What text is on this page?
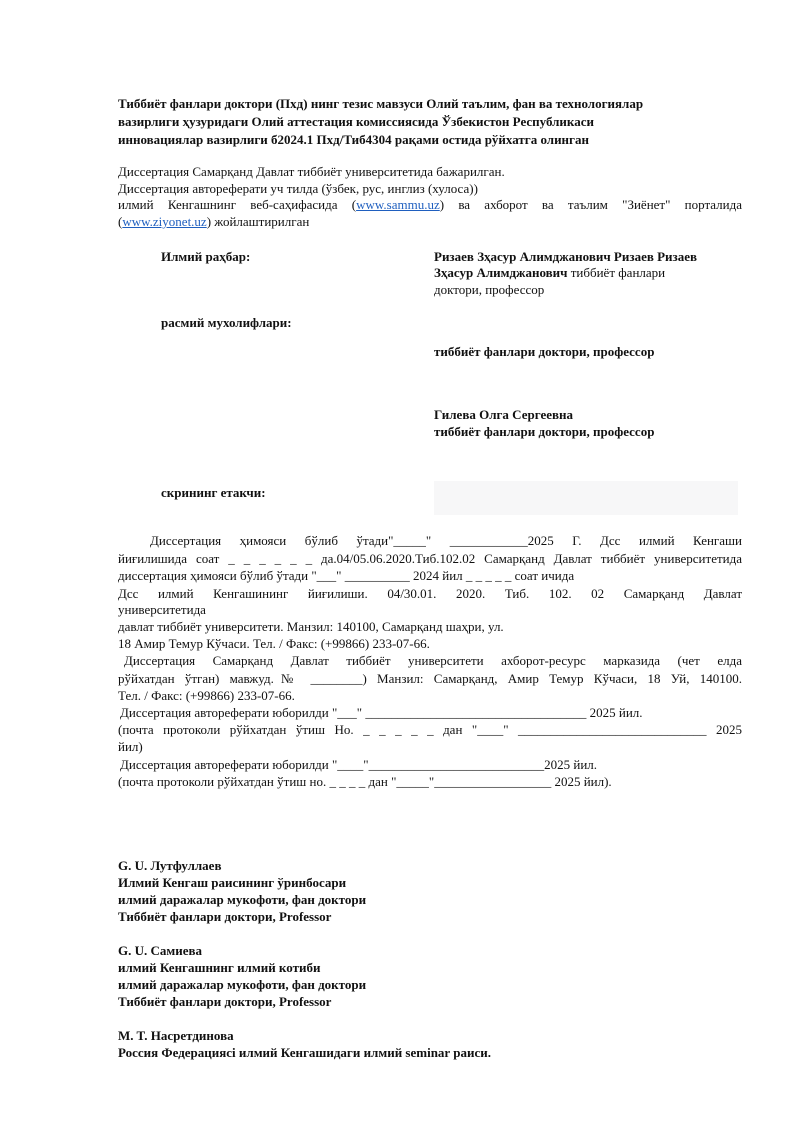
Тиббиёт фанлари доктори (Пхд) нинг тезис мавзуси Олий таълим, фан ва технологиялар
вазирлиги ҳузуридаги Олий аттестация комиссиясида Ўзбекистон Республикаси
инновациялар вазирлиги б2024.1 Пхд/Тиб4304 рақами остида рўйхатга олинган
Диссертация Самарқанд Давлат тиббиёт университетида бажарилган.
Диссертация автореферати уч тилда (ўзбек, рус, инглиз (хулоса))
илмий Кенгашнинг веб-саҳифасида (www.sammu.uz) ва ахборот ва таълим "Зиёнет" порталида
(www.ziyonet.uz) жойлаштирилган
Илмий раҳбар:	Ризаев Зҳасур Алимджанович Ризаев Ризаев
Зҳасур Алимджанович тиббиёт фанлари
доктори, профессор
расмий мухолифлари:
тиббиёт фанлари доктори, профессор
Гилева Олга Сергеевна
тиббиёт фанлари доктори, профессор
скрининг етакчи:
Диссертация ҳимояси бўлиб ўтади"_____" ____________2025 Г. Дсс илмий Кенгаши
йиғилишида соат _ _ _ _ _ _ да.04/05.06.2020.Тиб.102.02 Самарқанд Давлат тиббиёт университетида
диссертация ҳимояси бўлиб ўтади "___" __________ 2024 йил _ _ _ _ _ соат ичида
Дсс илмий Кенгашининг йиғилиши. 04/30.01. 2020. Тиб. 102. 02 Самарқанд Давлат
университетида
давлат тиббиёт университети. Манзил: 140100, Самарқанд шаҳри, ул.
18 Амир Темур Кўчаси. Тел. / Факс: (+99866) 233-07-66.
Диссертация Самарқанд Давлат тиббиёт университети ахборот-ресурс марказида (чет елда
рўйхатдан ўтган) мавжуд.№ ________) Манзил: Самарқанд, Амир Темур Кўчаси, 18 Уй, 140100.
Тел. / Факс: (+99866) 233-07-66.
Диссертация автореферати юборилди "___" __________________________________ 2025 йил.
(почта протоколи рўйхатдан ўтиш Но. _ _ _ _ _ дан "____" _____________________________ 2025
йил)
Диссертация автореферати юборилди "____"___________________________2025 йил.
(почта протоколи рўйхатдан ўтиш но. _ _ _ _ дан "_____"__________________ 2025 йил).
G. U. Лутфуллаев
Илмий Кенгаш раисининг ўринбосари
илмий даражалар мукофоти, фан доктори
Тиббиёт фанлари доктори, Professor
G. U. Самиева
илмий Кенгашнинг илмий котиби
илмий даражалар мукофоти, фан доктори
Тиббиёт фанлари доктори, Professor
M. T. Насретдинова
Россия Федерациясi илмий Кенгашидаги илмий seminar раиси.
